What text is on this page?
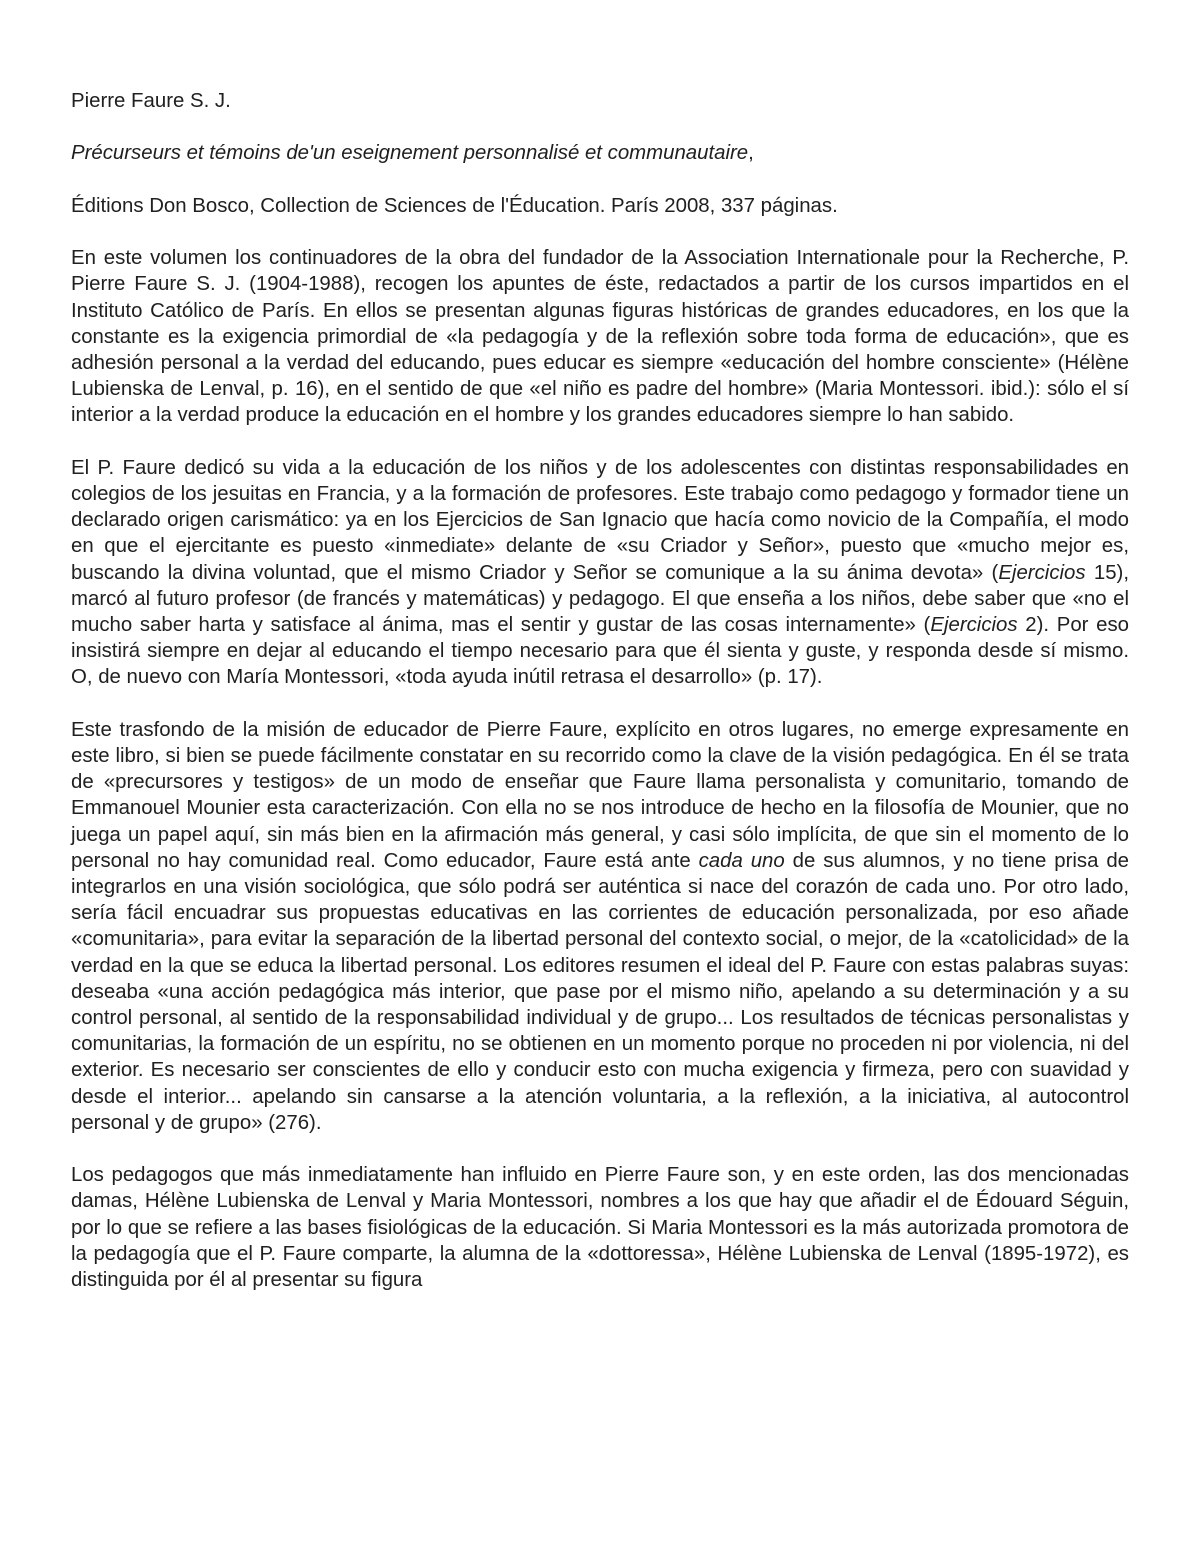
Pierre Faure S. J.

Précurseurs et témoins de'un eseignement personnalisé et communautaire,

Éditions Don Bosco, Collection de Sciences de l'Éducation. París 2008, 337 páginas.

En este volumen los continuadores de la obra del fundador de la Association Internationale pour la Recherche, P. Pierre Faure S. J. (1904-1988), recogen los apuntes de éste, redactados a partir de los cursos impartidos en el Instituto Católico de París. En ellos se presentan algunas figuras históricas de grandes educadores, en los que la constante es la exigencia primordial de «la pedagogía y de la reflexión sobre toda forma de educación», que es adhesión personal a la verdad del educando, pues educar es siempre «educación del hombre consciente» (Hélène Lubienska de Lenval, p. 16), en el sentido de que «el niño es padre del hombre» (Maria Montessori. ibid.): sólo el sí interior a la verdad produce la educación en el hombre y los grandes educadores siempre lo han sabido.

El P. Faure dedicó su vida a la educación de los niños y de los adolescentes con distintas responsabilidades en colegios de los jesuitas en Francia, y a la formación de profesores. Este trabajo como pedagogo y formador tiene un declarado origen carismático: ya en los Ejercicios de San Ignacio que hacía como novicio de la Compañía, el modo en que el ejercitante es puesto «inmediate» delante de «su Criador y Señor», puesto que «mucho mejor es, buscando la divina voluntad, que el mismo Criador y Señor se comunique a la su ánima devota» (Ejercicios 15), marcó al futuro profesor (de francés y matemáticas) y pedagogo. El que enseña a los niños, debe saber que «no el mucho saber harta y satisface al ánima, mas el sentir y gustar de las cosas internamente» (Ejercicios 2). Por eso insistirá siempre en dejar al educando el tiempo necesario para que él sienta y guste, y responda desde sí mismo. O, de nuevo con María Montessori, «toda ayuda inútil retrasa el desarrollo» (p. 17).

Este trasfondo de la misión de educador de Pierre Faure, explícito en otros lugares, no emerge expresamente en este libro, si bien se puede fácilmente constatar en su recorrido como la clave de la visión pedagógica. En él se trata de «precursores y testigos» de un modo de enseñar que Faure llama personalista y comunitario, tomando de Emmanouel Mounier esta caracterización. Con ella no se nos introduce de hecho en la filosofía de Mounier, que no juega un papel aquí, sin más bien en la afirmación más general, y casi sólo implícita, de que sin el momento de lo personal no hay comunidad real. Como educador, Faure está ante cada uno de sus alumnos, y no tiene prisa de integrarlos en una visión sociológica, que sólo podrá ser auténtica si nace del corazón de cada uno. Por otro lado, sería fácil encuadrar sus propuestas educativas en las corrientes de educación personalizada, por eso añade «comunitaria», para evitar la separación de la libertad personal del contexto social, o mejor, de la «catolicidad» de la verdad en la que se educa la libertad personal. Los editores resumen el ideal del P. Faure con estas palabras suyas: deseaba «una acción pedagógica más interior, que pase por el mismo niño, apelando a su determinación y a su control personal, al sentido de la responsabilidad individual y de grupo... Los resultados de técnicas personalistas y comunitarias, la formación de un espíritu, no se obtienen en un momento porque no proceden ni por violencia, ni del exterior. Es necesario ser conscientes de ello y conducir esto con mucha exigencia y firmeza, pero con suavidad y desde el interior... apelando sin cansarse a la atención voluntaria, a la reflexión, a la iniciativa, al autocontrol personal y de grupo» (276).

Los pedagogos que más inmediatamente han influido en Pierre Faure son, y en este orden, las dos mencionadas damas, Hélène Lubienska de Lenval y Maria Montessori, nombres a los que hay que añadir el de Édouard Séguin, por lo que se refiere a las bases fisiológicas de la educación. Si Maria Montessori es la más autorizada promotora de la pedagogía que el P. Faure comparte, la alumna de la «dottoressa», Hélène Lubienska de Lenval (1895-1972), es distinguida por él al presentar su figura
